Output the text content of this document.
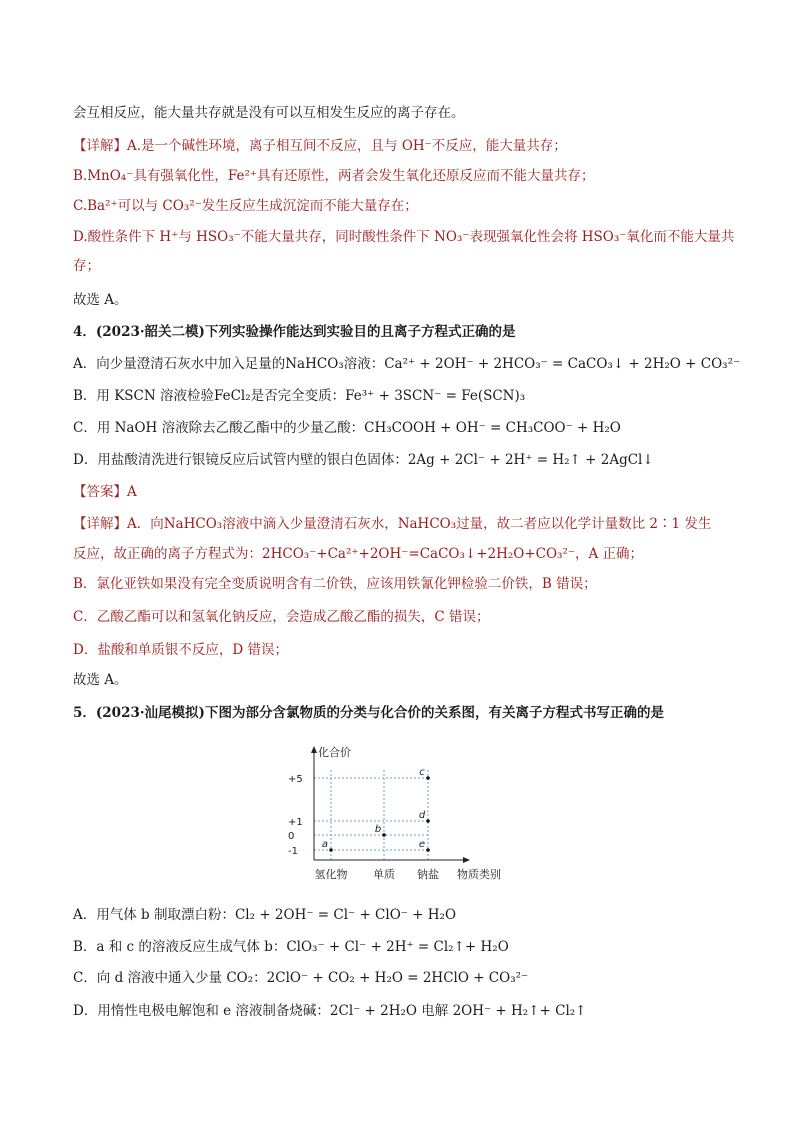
会互相反应，能大量共存就是没有可以互相发生反应的离子存在。
【详解】A.是一个碱性环境，离子相互间不反应，且与 OH⁻不反应，能大量共存；
B.MnO₄⁻具有强氧化性，Fe²⁺具有还原性，两者会发生氧化还原反应而不能大量共存；
C.Ba²⁺可以与 CO₃²⁻发生反应生成沉淀而不能大量存在；
D.酸性条件下 H⁺与 HSO₃⁻不能大量共存，同时酸性条件下 NO₃⁻表现强氧化性会将 HSO₃⁻氧化而不能大量共
存；
故选 A。
4．(2023·韶关二模)下列实验操作能达到实验目的且离子方程式正确的是
A．向少量澄清石灰水中加入足量的NaHCO₃溶液：Ca²⁺ + 2OH⁻ + 2HCO₃⁻ = CaCO₃↓ + 2H₂O + CO₃²⁻
B．用 KSCN 溶液检验FeCl₂是否完全变质：Fe³⁺ + 3SCN⁻ = Fe(SCN)₃
C．用 NaOH 溶液除去乙酸乙酯中的少量乙酸：CH₃COOH + OH⁻ = CH₃COO⁻ + H₂O
D．用盐酸清洗进行银镜反应后试管内壁的银白色固体：2Ag + 2Cl⁻ + 2H⁺ = H₂↑ + 2AgCl↓
【答案】A
【详解】A．向NaHCO₃溶液中滴入少量澄清石灰水，NaHCO₃过量，故二者应以化学计量数比 2∶1 发生
反应，故正确的离子方程式为：2HCO₃⁻+Ca²⁺+2OH⁻=CaCO₃↓+2H₂O+CO₃²⁻，A 正确；
B．氯化亚铁如果没有完全变质说明含有二价铁，应该用铁氰化钾检验二价铁，B 错误；
C．乙酸乙酯可以和氢氧化钠反应，会造成乙酸乙酯的损失，C 错误；
D．盐酸和单质银不反应，D 错误；
故选 A。
5．(2023·汕尾模拟)下图为部分含氯物质的分类与化合价的关系图，有关离子方程式书写正确的是
A．用气体 b 制取漂白粉：Cl₂ + 2OH⁻ = Cl⁻ + ClO⁻ + H₂O
B．a 和 c 的溶液反应生成气体 b：ClO₃⁻ + Cl⁻ + 2H⁺ = Cl₂↑+ H₂O
C．向 d 溶液中通入少量 CO₂：2ClO⁻ + CO₂ + H₂O = 2HClO + CO₃²⁻
D．用惰性电极电解饱和 e 溶液制备烧碱：2Cl⁻ + 2H₂O 电解 2OH⁻ + H₂↑+ Cl₂↑
化合价
物质类别
+5
+1
0
-1
氢化物 单质 钠盐
a
b
c
d
e
